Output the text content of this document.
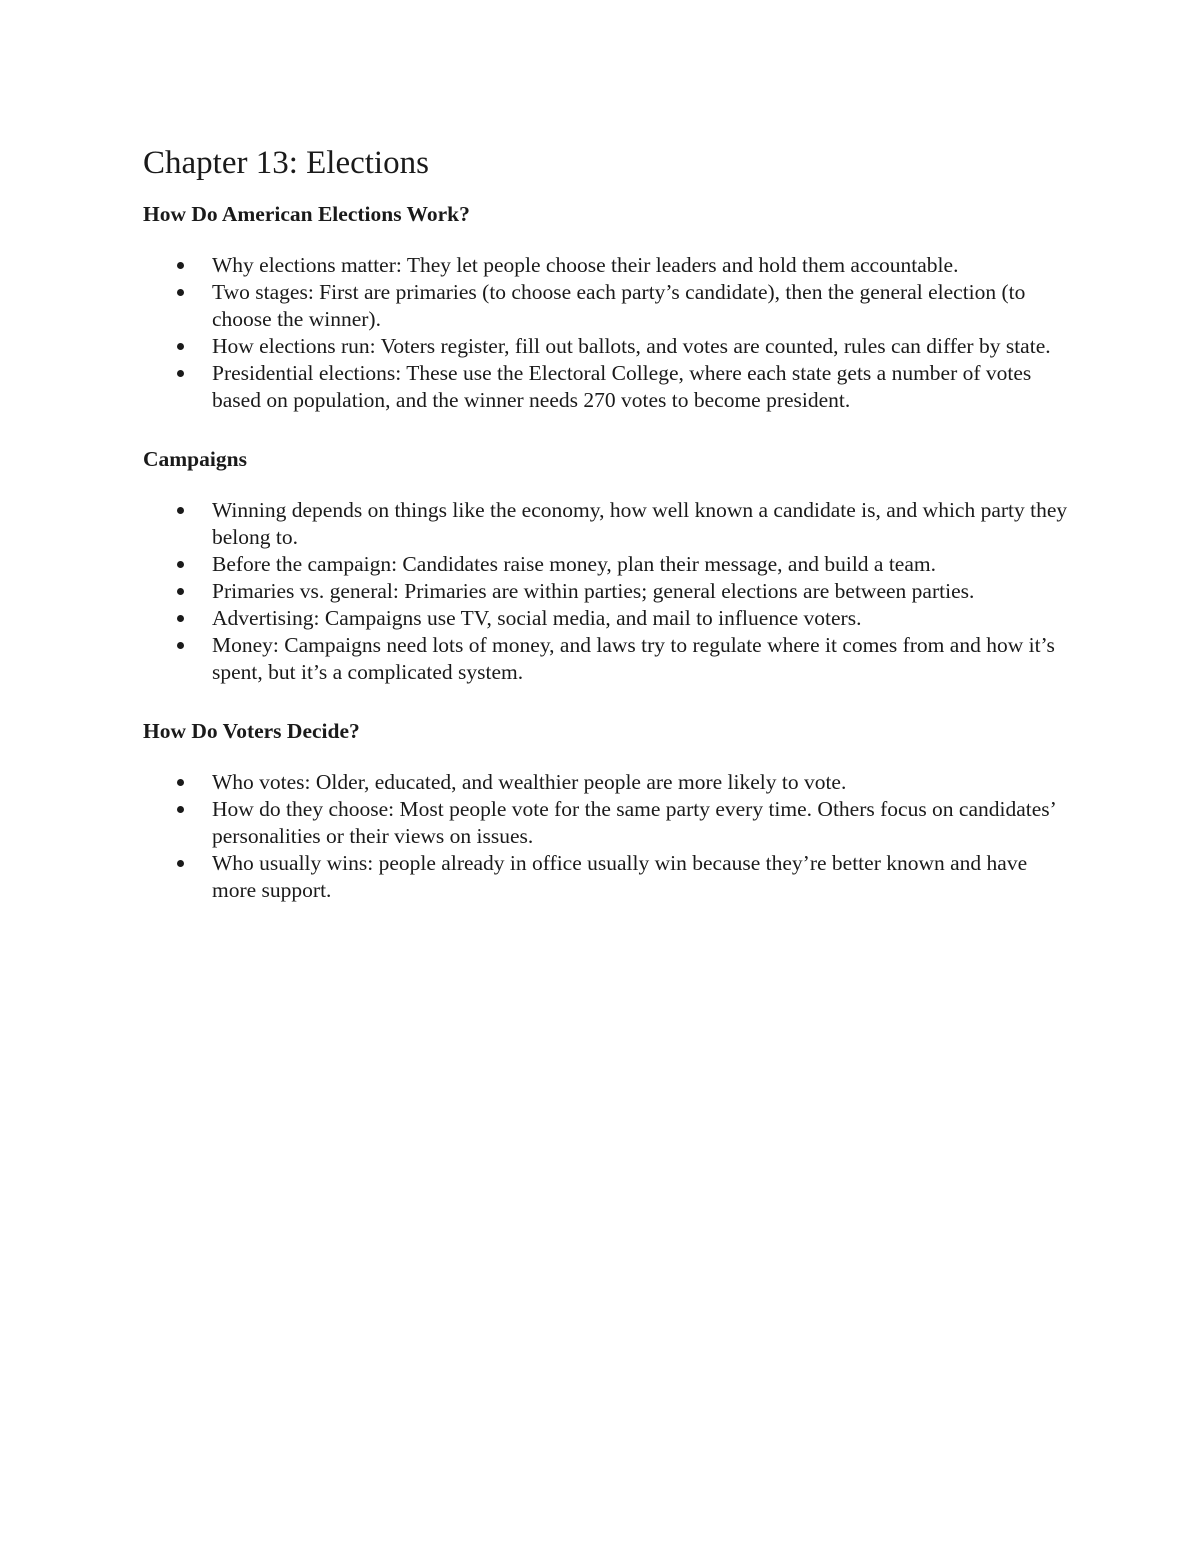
Chapter 13: Elections
How Do American Elections Work?
Why elections matter: They let people choose their leaders and hold them accountable.
Two stages: First are primaries (to choose each party’s candidate), then the general election (to choose the winner).
How elections run: Voters register, fill out ballots, and votes are counted, rules can differ by state.
Presidential elections: These use the Electoral College, where each state gets a number of votes based on population, and the winner needs 270 votes to become president.
Campaigns
Winning depends on things like the economy, how well known a candidate is, and which party they belong to.
Before the campaign: Candidates raise money, plan their message, and build a team.
Primaries vs. general: Primaries are within parties; general elections are between parties.
Advertising: Campaigns use TV, social media, and mail to influence voters.
Money: Campaigns need lots of money, and laws try to regulate where it comes from and how it’s spent, but it’s a complicated system.
How Do Voters Decide?
Who votes: Older, educated, and wealthier people are more likely to vote.
How do they choose: Most people vote for the same party every time. Others focus on candidates’ personalities or their views on issues.
Who usually wins: people already in office usually win because they’re better known and have more support.
